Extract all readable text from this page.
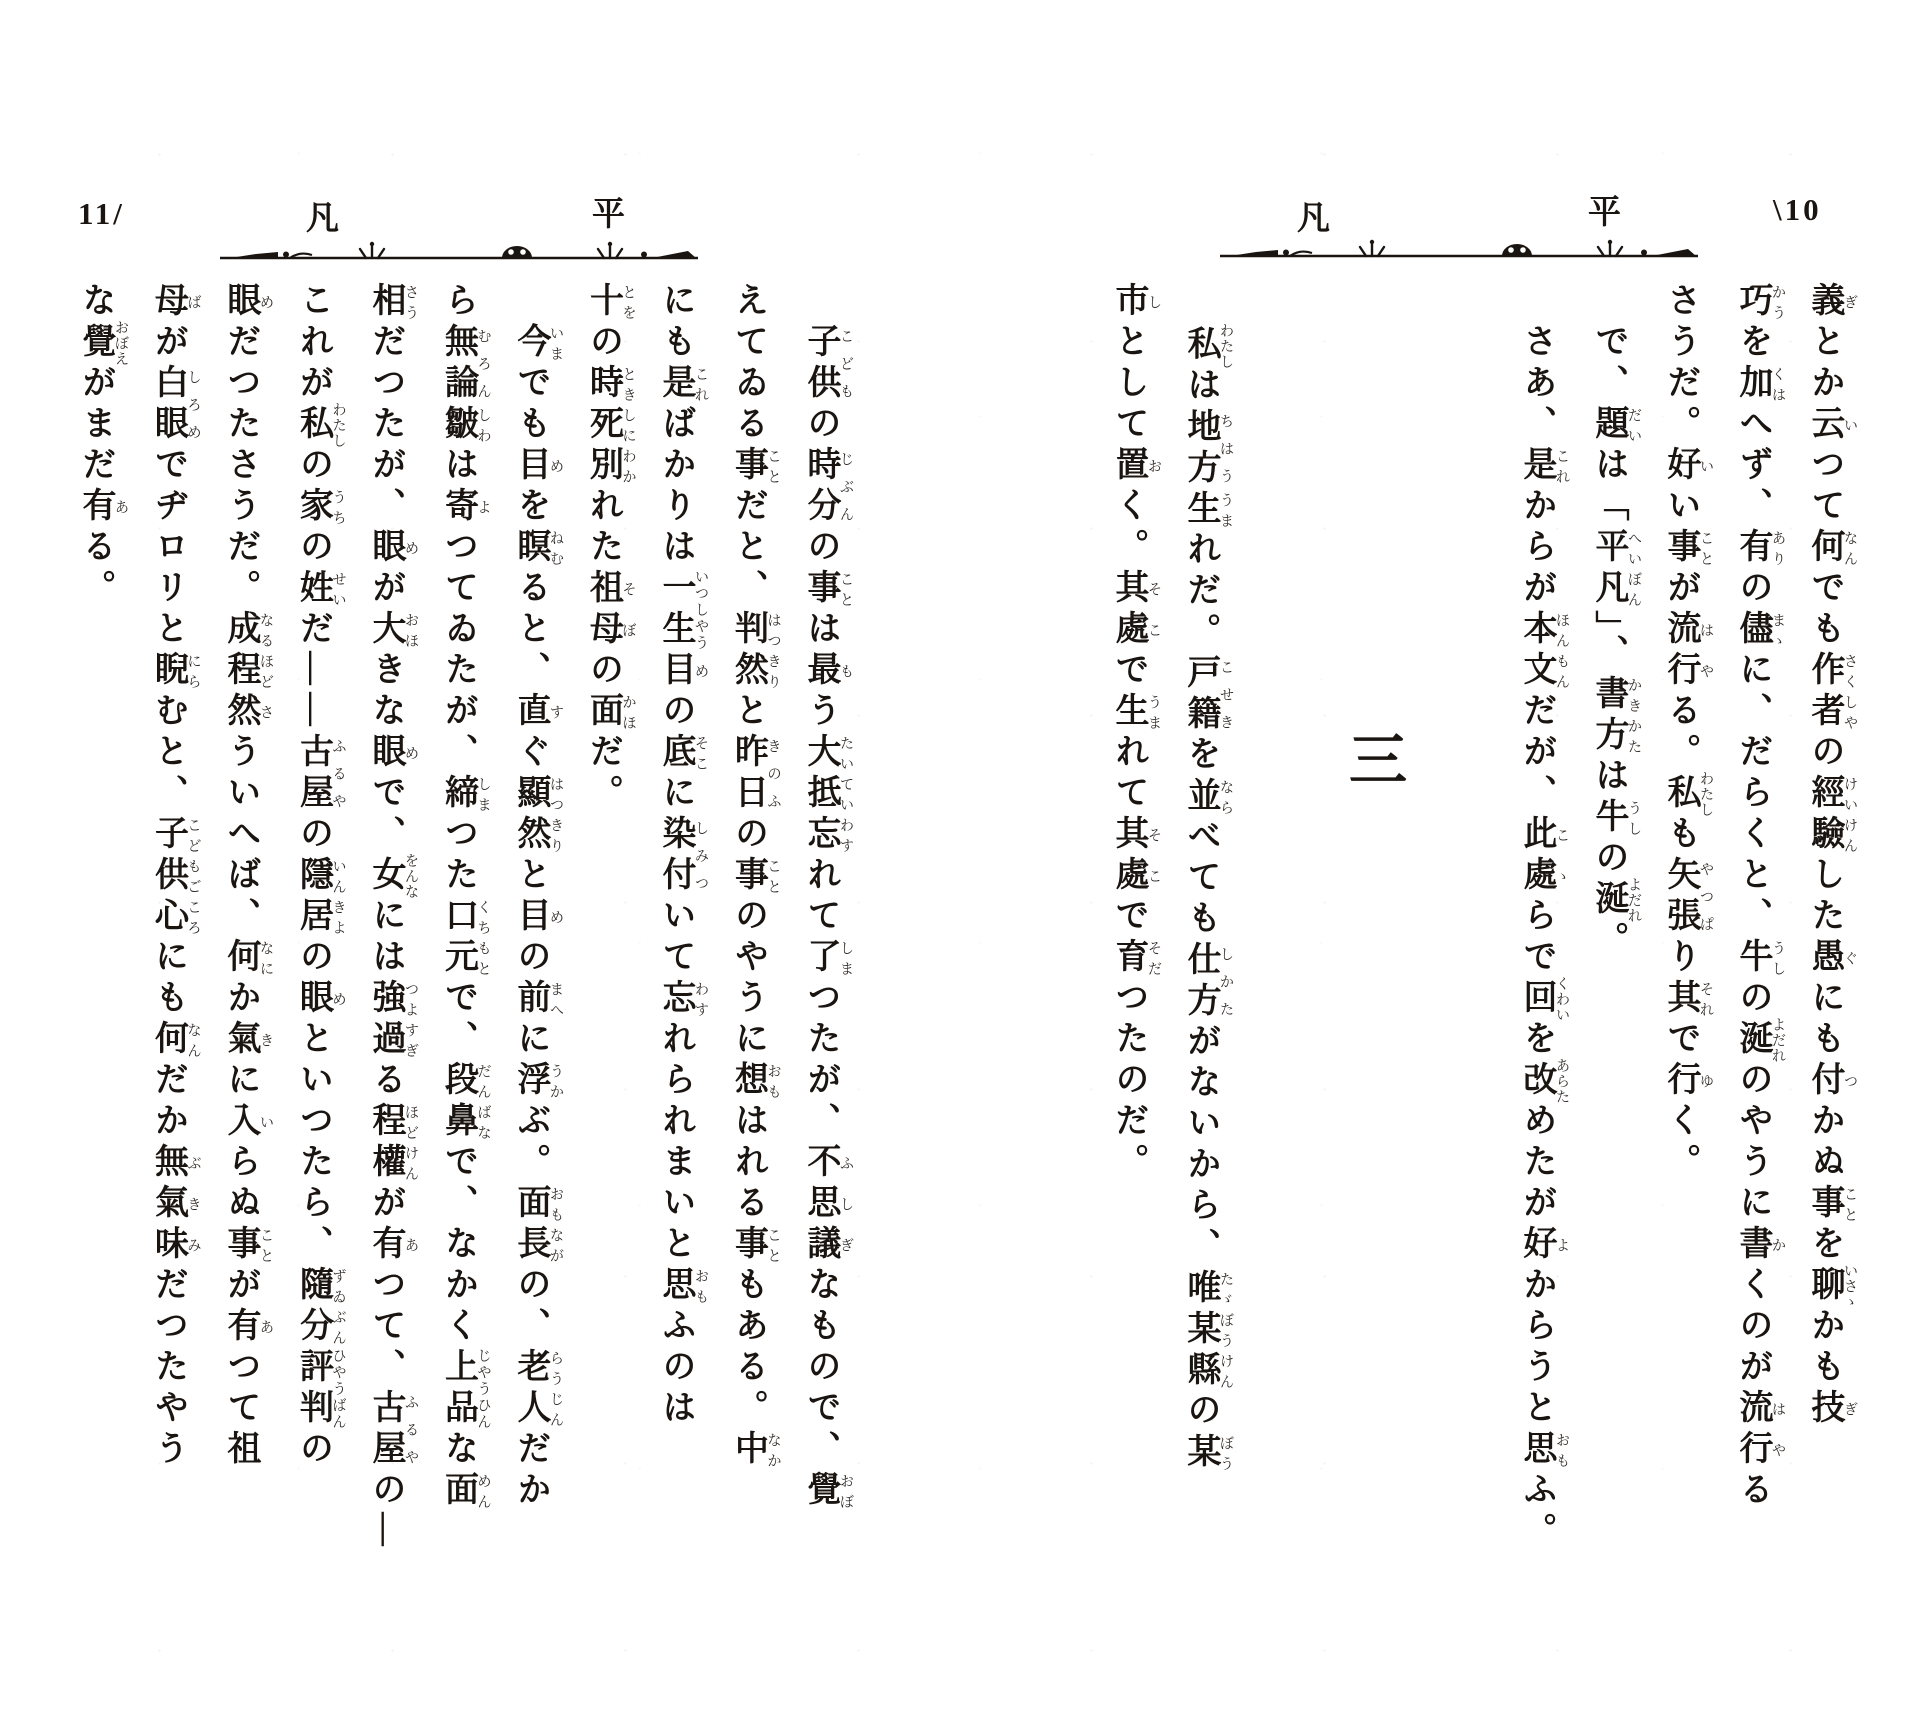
11/	凡	平
子供こどもの時分じぶんの事ことは最もう大抵たいてい忘わすれて了しまつたが、不思議ふしぎなもので、覺おぼ
えてゐる事ことだと、判然はつきりと昨日きのふの事ことのやうに想おもはれる事こともある。中なか
にも是こればかりは一生いつしやう目めの底そこに染付しみついて忘わすれられまいと思おもふのは
十とをの時とき死別しにわかれた祖母そぼの面かほだ。
今いまでも目めを瞑ねむると、直すぐ顯然はつきりと目めの前まへに浮うかぶ。面長おもながの、老人らうじんだか
ら無論むろん皺しわは寄よつてゐたが、締しまつた口元くちもとで、段鼻だんばなで、なかく上品じやうひんな面めん
相さうだつたが、眼めが大おほきな眼めで、女をんなには強過つよすぎる程ほど權けんが有あつて、古屋ふるやの—
これが私わたしの家うちの姓せいだ——古屋ふるやの隱居いんきよの眼めといつたら、隨分ずゐぶん評判ひやうばんの
眼めだつたさうだ。成程なるほど然さういへば、何なにか氣きに入いらぬ事ことが有あつて祖
母ばが白眼しろめでヂロリと睨にらむと、子供心こどもごころにも何なんだか無氣味ぶきみだつたやう
な覺おぼえがまだ有ある。
\10
凡	平
義ぎとか云いつて何なんでも作者さくしやの經驗けいけんした愚ぐにも付つかぬ事ことを聊いさゝかも技ぎ
巧かうを加くはへず、有ありの儘まゝに、だらくと、牛うしの涎よだれのやうに書かくのが流行はやる
さうだ。好いい事ことが流行はやる。私わたしも矢張やつぱり其それで行ゆく。
で、題だいは「平凡へいぼん」、書方かきかたは牛うしの涎よだれ。
さあ、是これからが本文ほんもんだが、此處こゝらで回くわいを改あらためたが好よからうと思おもふ。
三
私わたしは地方ちはう生うまれだ。戸籍こせきを並ならべても仕方しかたがないから、唯たゞ某縣ぼうけんの某ぼう
市しとして置おく。其處そこで生うまれて其處そこで育そだつたのだ。
